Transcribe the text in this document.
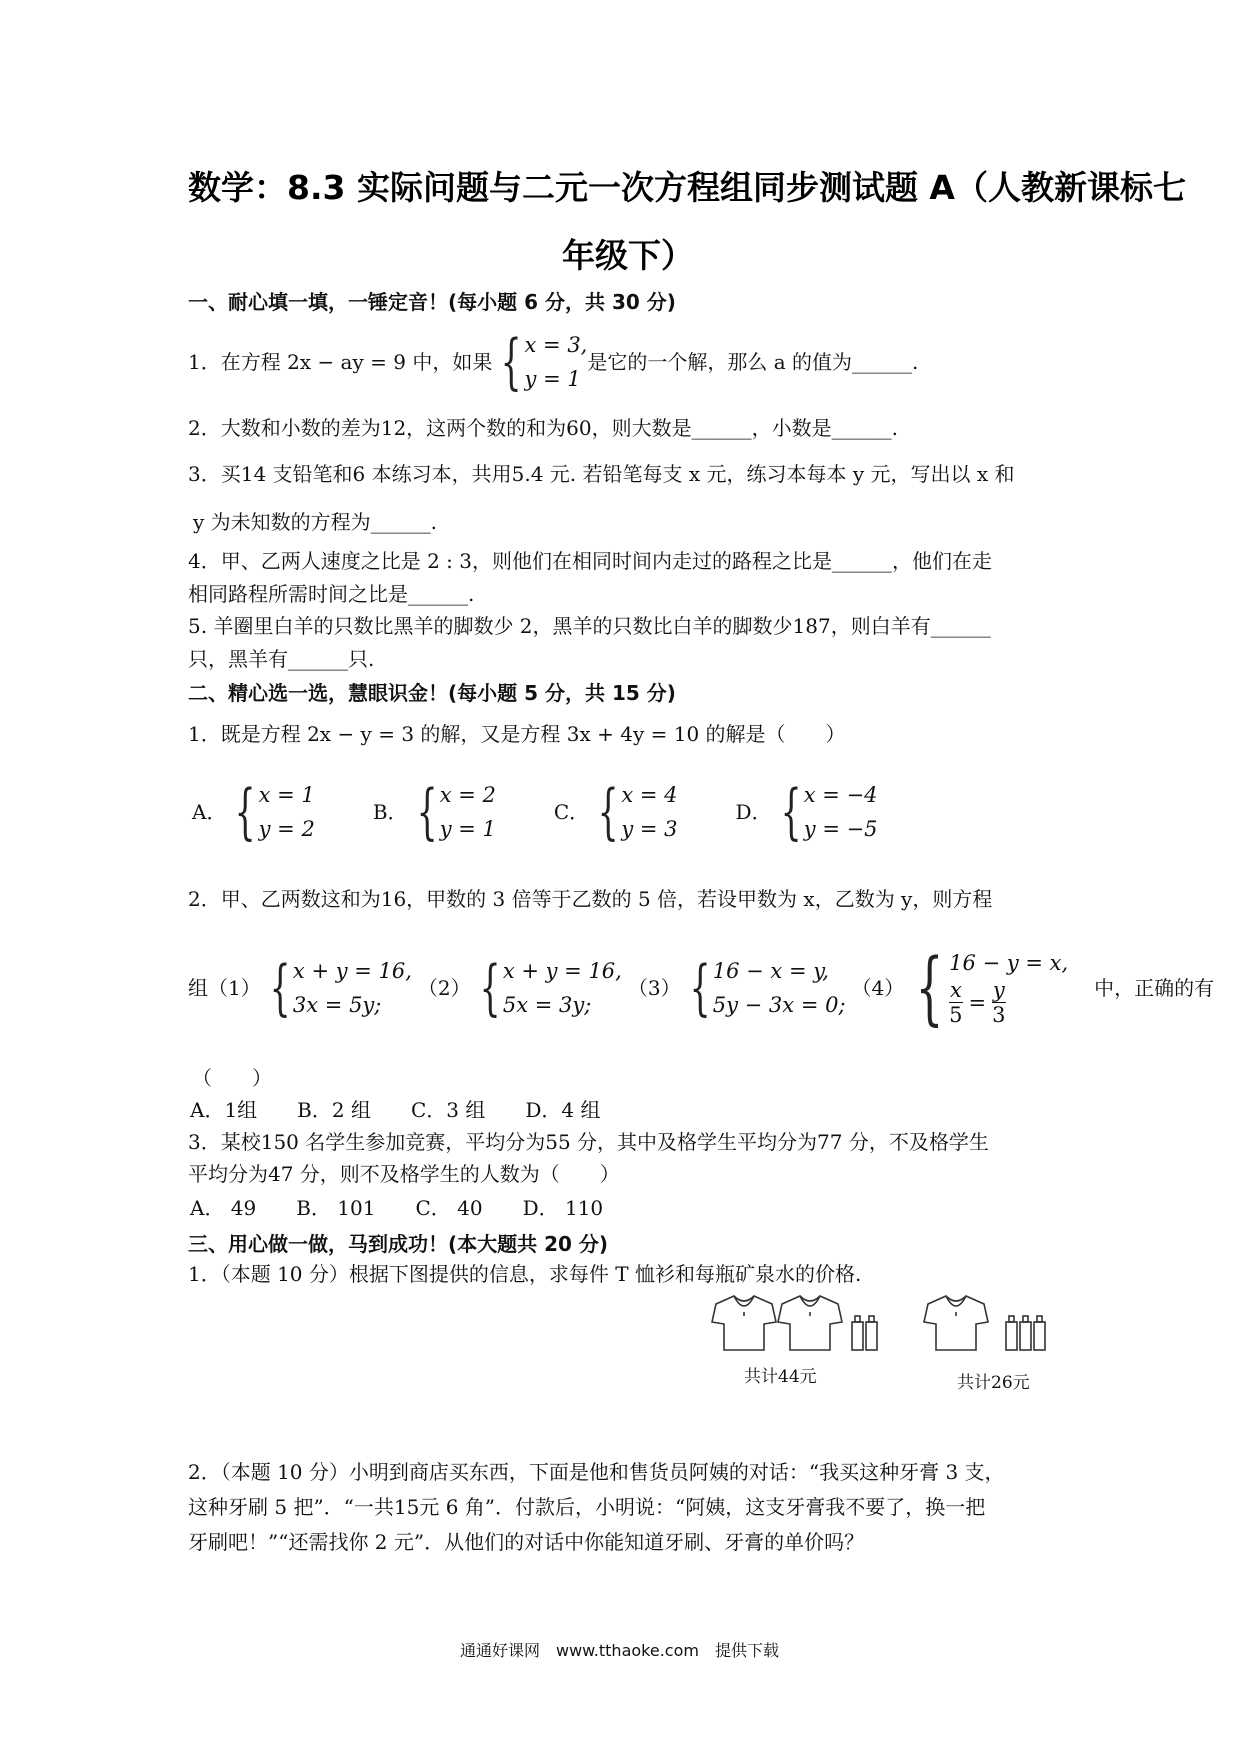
数学：8.3 实际问题与二元一次方程组同步测试题 A（人教新课标七
年级下）
一、耐心填一填，一锤定音！(每小题 6 分，共 30 分)
1．在方程 2x − ay = 9 中，如果 { x = 3,
y = 1
是它的一个解，那么 a 的值为______.
2．大数和小数的差为12，这两个数的和为60，则大数是______，小数是______.
3．买14 支铅笔和6 本练习本，共用5.4 元. 若铅笔每支 x 元，练习本每本 y 元，写出以 x 和
y 为未知数的方程为______.
4．甲、乙两人速度之比是 2 : 3，则他们在相同时间内走过的路程之比是______，他们在走
相同路程所需时间之比是______.
5. 羊圈里白羊的只数比黑羊的脚数少 2，黑羊的只数比白羊的脚数少187，则白羊有______
只，黑羊有______只.
二、精心选一选，慧眼识金！(每小题 5 分，共 15 分)
1．既是方程 2x − y = 3 的解，又是方程 3x + 4y = 10 的解是（　　）
A． { x = 1
y = 2
B． { x = 2
y = 1
C． { x = 4
y = 3
D． { x = −4
y = −5
2．甲、乙两数这和为16，甲数的 3 倍等于乙数的 5 倍，若设甲数为 x，乙数为 y，则方程
组（1） { x + y = 16,
3x = 5y;
（2） { x + y = 16,
5x = 3y;
（3） { 16 − x = y,
5y − 3x = 0;
（4） { 16 − y = x,
$\frac{x}{5} = \frac{y}{3}$	中，正确的有
（　　）
A．1组　　B．2 组　　C．3 组　　D．4 组
3．某校150 名学生参加竞赛，平均分为55 分，其中及格学生平均分为77 分，不及格学生
平均分为47 分，则不及格学生的人数为（　　）
A． 49　　B． 101　　C． 40　　D． 110
三、用心做一做，马到成功！(本大题共 20 分)
1．（本题 10 分）根据下图提供的信息，求每件 T 恤衫和每瓶矿泉水的价格.
共计44元	共计26元
2．（本题 10 分）小明到商店买东西，下面是他和售货员阿姨的对话：“我买这种牙膏 3 支，
这种牙刷 5 把”．“一共15元 6 角”．付款后，小明说：“阿姨，这支牙膏我不要了，换一把
牙刷吧！”“还需找你 2 元”．从他们的对话中你能知道牙刷、牙膏的单价吗？
通通好课网　www.tthaoke.com　提供下载
